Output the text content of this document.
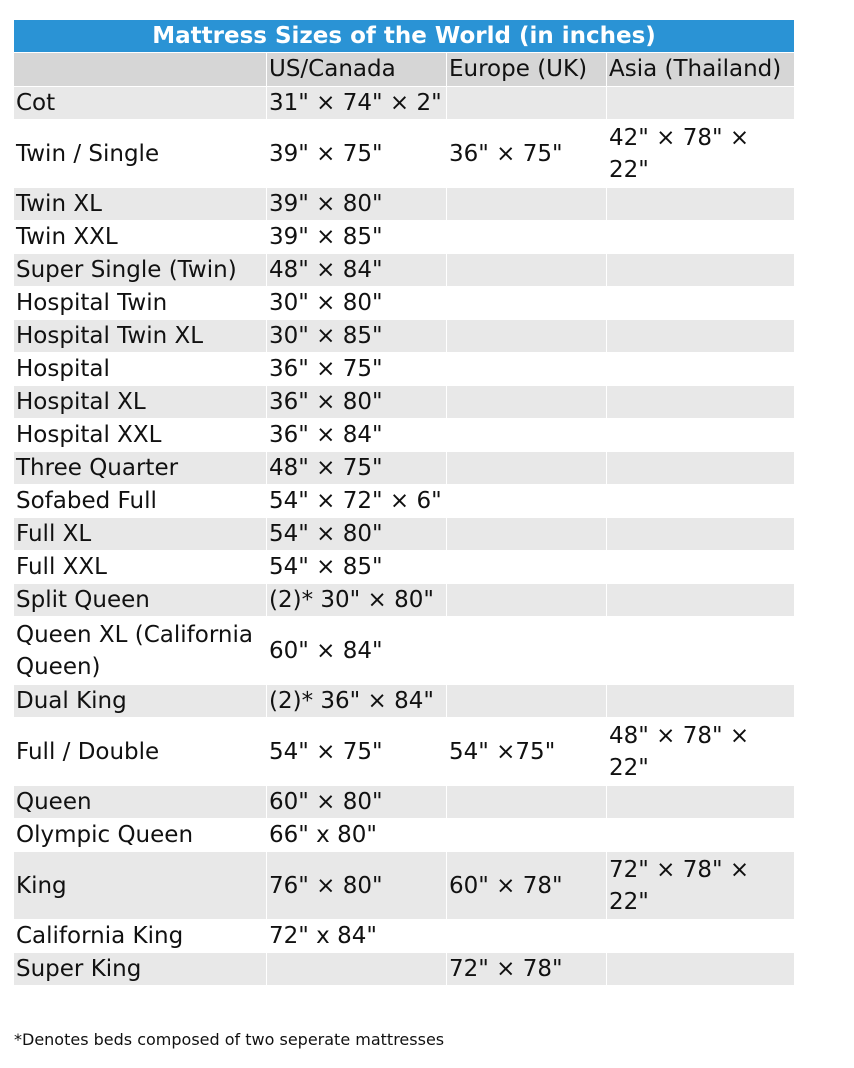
Mattress Sizes of the World (in inches)			
	US/Canada	Europe (UK)	Asia (Thailand)
Cot	31" × 74" × 2"		
Twin / Single	39" × 75"	36" × 75"	42" × 78" × 22"
Twin XL	39" × 80"		
Twin XXL	39" × 85"		
Super Single (Twin)	48" × 84"		
Hospital Twin	30" × 80"		
Hospital Twin XL	30" × 85"		
Hospital	36" × 75"		
Hospital XL	36" × 80"		
Hospital XXL	36" × 84"		
Three Quarter	48" × 75"		
Sofabed Full	54" × 72" × 6"		
Full XL	54" × 80"		
Full XXL	54" × 85"		
Split Queen	(2)* 30" × 80"		
Queen XL (California Queen)	60" × 84"		
Dual King	(2)* 36" × 84"		
Full / Double	54" × 75"	54" ×75"	48" × 78" × 22"
Queen	60" × 80"		
Olympic Queen	66" x 80"		
King	76" × 80"	60" × 78"	72" × 78" × 22"
California King	72" x 84"		
Super King		72" × 78"	
*Denotes beds composed of two seperate mattresses
